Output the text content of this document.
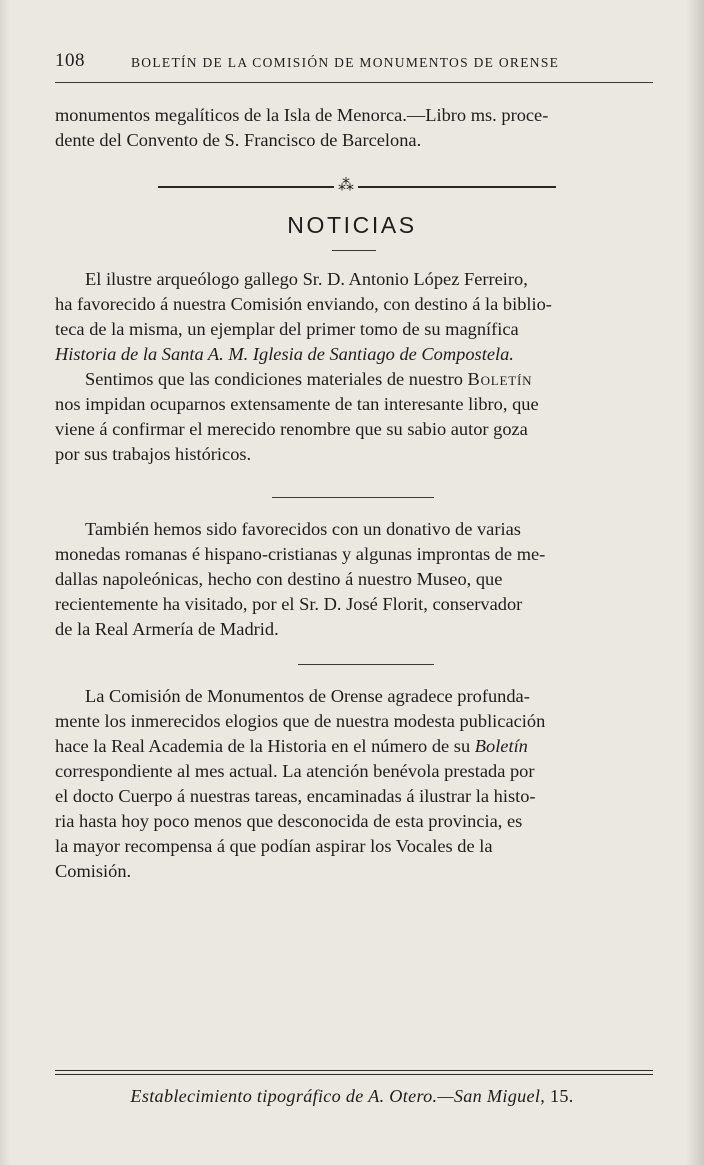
108	BOLETÍN DE LA COMISIÓN DE MONUMENTOS DE ORENSE

monumentos megalíticos de la Isla de Menorca.—Libro ms. proce-

dente del Convento de S. Francisco de Barcelona.

⁂
NOTICIAS

El ilustre arqueólogo gallego Sr. D. Antonio López Ferreiro,

ha favorecido á nuestra Comisión enviando, con destino á la biblio-

teca de la misma, un ejemplar del primer tomo de su magnífica

Historia de la Santa A. M. Iglesia de Santiago de Compostela.

Sentimos que las condiciones materiales de nuestro Boletín

nos impidan ocuparnos extensamente de tan interesante libro, que

viene á confirmar el merecido renombre que su sabio autor goza

por sus trabajos históricos.

También hemos sido favorecidos con un donativo de varias

monedas romanas é hispano-cristianas y algunas improntas de me-

dallas napoleónicas, hecho con destino á nuestro Museo, que

recientemente ha visitado, por el Sr. D. José Florit, conservador

de la Real Armería de Madrid.

La Comisión de Monumentos de Orense agradece profunda-

mente los inmerecidos elogios que de nuestra modesta publicación

hace la Real Academia de la Historia en el número de su Boletín

correspondiente al mes actual. La atención benévola prestada por

el docto Cuerpo á nuestras tareas, encaminadas á ilustrar la histo-

ria hasta hoy poco menos que desconocida de esta provincia, es

la mayor recompensa á que podían aspirar los Vocales de la

Comisión.

Establecimiento tipográfico de A. Otero.—San Miguel, 15.
